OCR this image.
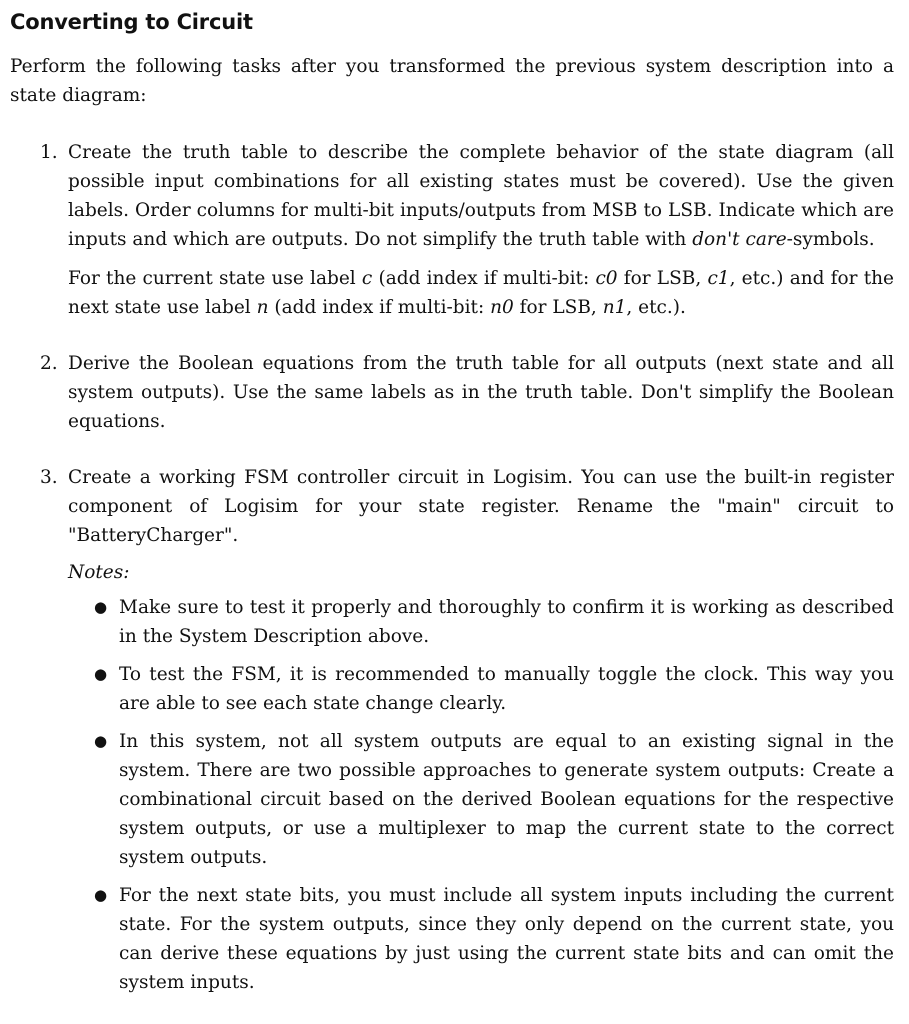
Converting to Circuit

Perform the following tasks after you transformed the previous system description into a state diagram:

1. Create the truth table to describe the complete behavior of the state diagram (all possible input combinations for all existing states must be covered). Use the given labels. Order columns for multi-bit inputs/outputs from MSB to LSB. Indicate which are inputs and which are outputs. Do not simplify the truth table with don't care-symbols.
For the current state use label c (add index if multi-bit: c0 for LSB, c1, etc.) and for the next state use label n (add index if multi-bit: n0 for LSB, n1, etc.).
2. Derive the Boolean equations from the truth table for all outputs (next state and all system outputs). Use the same labels as in the truth table. Don't simplify the Boolean equations.
3. Create a working FSM controller circuit in Logisim. You can use the built-in register component of Logisim for your state register. Rename the "main" circuit to "BatteryCharger".
Notes:
● Make sure to test it properly and thoroughly to confirm it is working as described in the System Description above.
● To test the FSM, it is recommended to manually toggle the clock. This way you are able to see each state change clearly.
● In this system, not all system outputs are equal to an existing signal in the system. There are two possible approaches to generate system outputs: Create a combinational circuit based on the derived Boolean equations for the respective system outputs, or use a multiplexer to map the current state to the correct system outputs.
● For the next state bits, you must include all system inputs including the current state. For the system outputs, since they only depend on the current state, you can derive these equations by just using the current state bits and can omit the system inputs.
